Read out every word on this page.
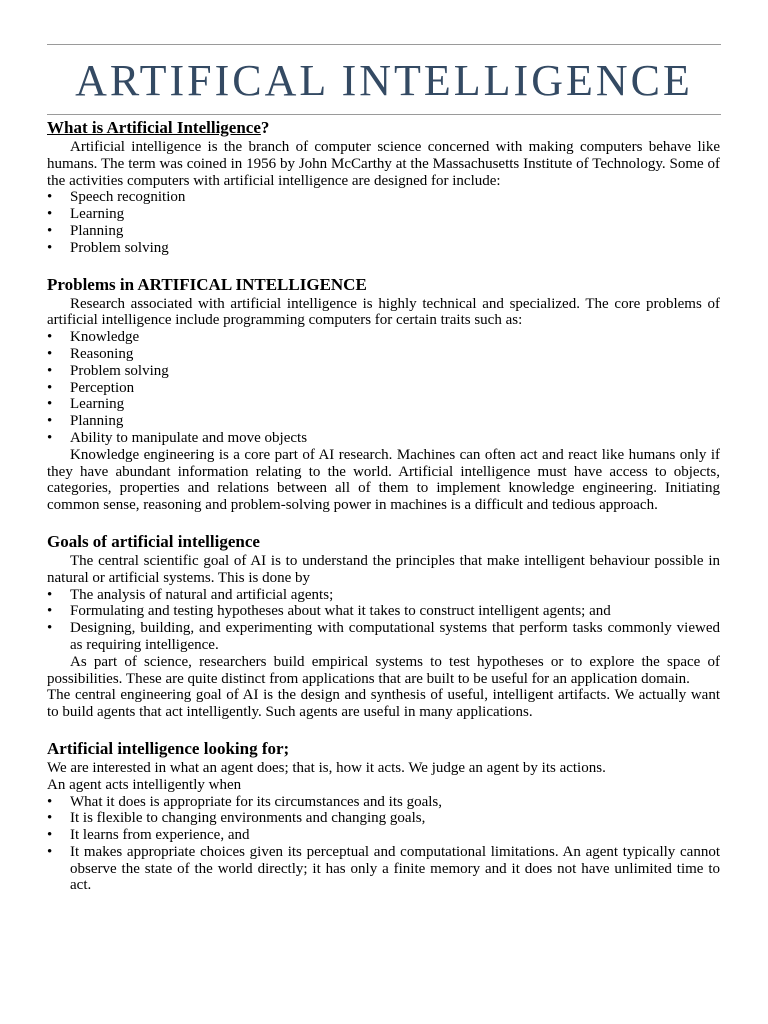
ARTIFICAL INTELLIGENCE
What is Artificial Intelligence?

Artificial intelligence is the branch of computer science concerned with making computers behave like humans. The term was coined in 1956 by John McCarthy at the Massachusetts Institute of Technology. Some of the activities computers with artificial intelligence are designed for include:

• Speech recognition
• Learning
• Planning
• Problem solving
Problems in ARTIFICAL INTELLIGENCE

Research associated with artificial intelligence is highly technical and specialized. The core problems of artificial intelligence include programming computers for certain traits such as:

• Knowledge
• Reasoning
• Problem solving
• Perception
• Learning
• Planning
• Ability to manipulate and move objects

Knowledge engineering is a core part of AI research. Machines can often act and react like humans only if they have abundant information relating to the world. Artificial intelligence must have access to objects, categories, properties and relations between all of them to implement knowledge engineering. Initiating common sense, reasoning and problem-solving power in machines is a difficult and tedious approach.

Goals of artificial intelligence

The central scientific goal of AI is to understand the principles that make intelligent behaviour possible in natural or artificial systems. This is done by

• The analysis of natural and artificial agents;
• Formulating and testing hypotheses about what it takes to construct intelligent agents; and
• Designing, building, and experimenting with computational systems that perform tasks commonly viewed as requiring intelligence.

As part of science, researchers build empirical systems to test hypotheses or to explore the space of possibilities. These are quite distinct from applications that are built to be useful for an application domain.

The central engineering goal of AI is the design and synthesis of useful, intelligent artifacts. We actually want to build agents that act intelligently. Such agents are useful in many applications.

Artificial intelligence looking for;

We are interested in what an agent does; that is, how it acts. We judge an agent by its actions.

An agent acts intelligently when

• What it does is appropriate for its circumstances and its goals,
• It is flexible to changing environments and changing goals,
• It learns from experience, and
• It makes appropriate choices given its perceptual and computational limitations. An agent typically cannot observe the state of the world directly; it has only a finite memory and it does not have unlimited time to act.
